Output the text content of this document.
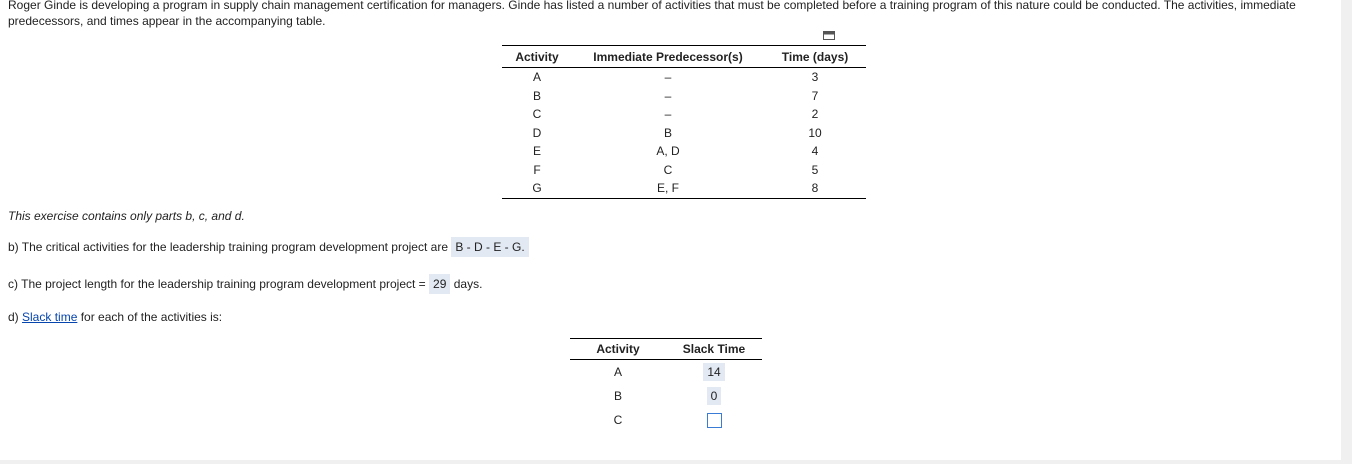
Roger Ginde is developing a program in supply chain management certification for managers. Ginde has listed a number of activities that must be completed before a training program of this nature could be conducted. The activities, immediate predecessors, and times appear in the accompanying table.
Activity	Immediate Predecessor(s)	Time (days)
A	–	3
B	–	7
C	–	2
D	B	10
E	A, D	4
F	C	5
G	E, F	8
This exercise contains only parts b, c, and d.
b) The critical activities for the leadership training program development project are B - D - E - G.
c) The project length for the leadership training program development project = 29 days.
d) Slack time for each of the activities is:
Activity	Slack Time
A	14
B	0
C	
